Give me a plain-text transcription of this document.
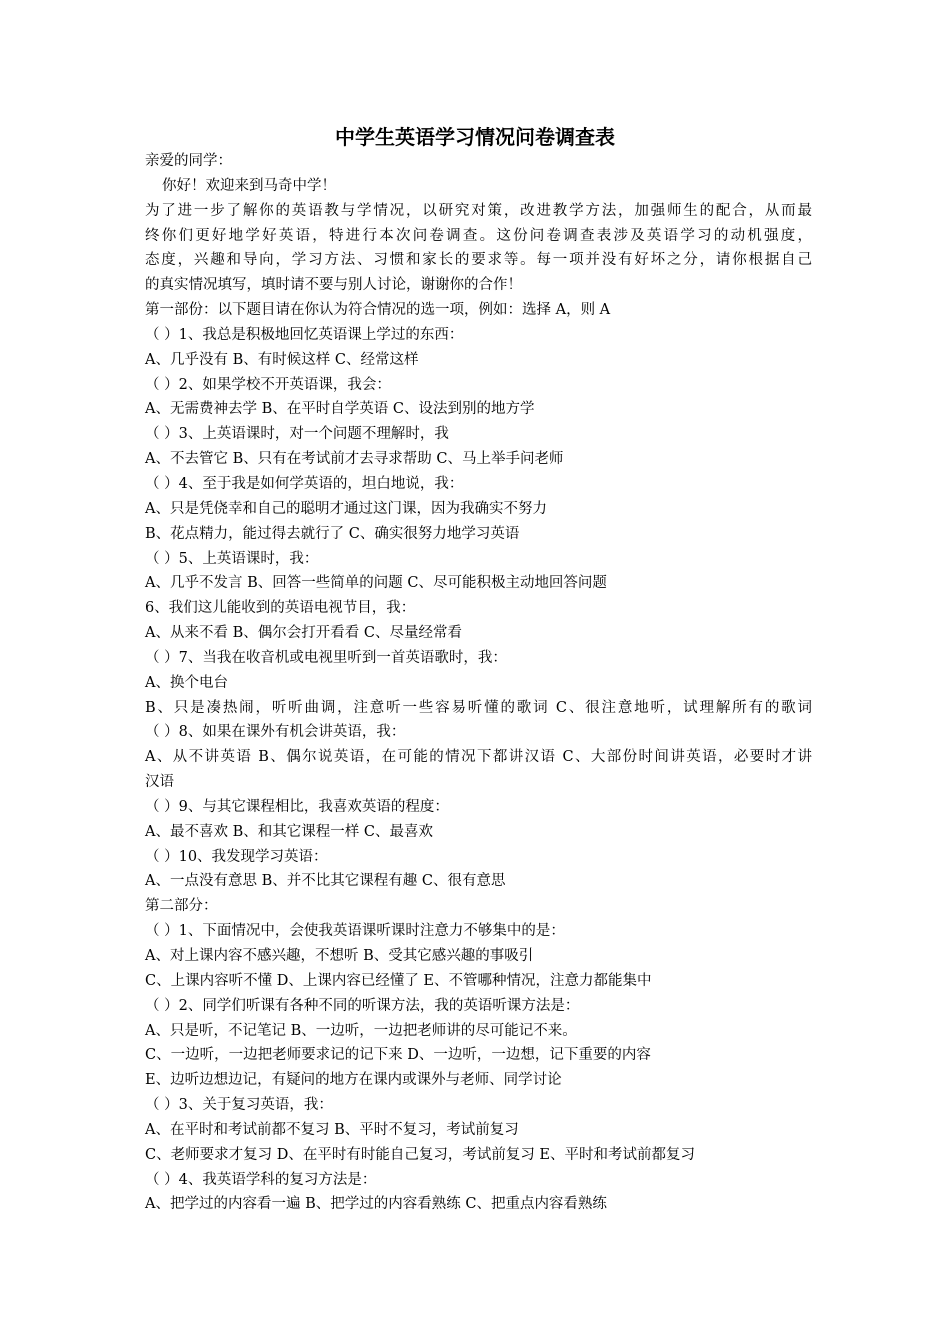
中学生英语学习情况问卷调查表
亲爱的同学：
你好！欢迎来到马奇中学！
为了进一步了解你的英语教与学情况，以研究对策，改进教学方法，加强师生的配合，从而最
终你们更好地学好英语，特进行本次问卷调查。这份问卷调查表涉及英语学习的动机强度，
态度，兴趣和导向，学习方法、习惯和家长的要求等。每一项并没有好坏之分，请你根据自己
的真实情况填写，填时请不要与别人讨论，谢谢你的合作！
第一部份：以下题目请在你认为符合情况的选一项，例如：选择 A，则 A
（ ）1、我总是积极地回忆英语课上学过的东西：
A、几乎没有 B、有时候这样 C、经常这样
（ ）2、如果学校不开英语课，我会：
A、无需费神去学 B、在平时自学英语 C、设法到别的地方学
（ ）3、上英语课时，对一个问题不理解时，我
A、不去管它 B、只有在考试前才去寻求帮助 C、马上举手问老师
（ ）4、至于我是如何学英语的，坦白地说，我：
A、只是凭侥幸和自己的聪明才通过这门课，因为我确实不努力
B、花点精力，能过得去就行了 C、确实很努力地学习英语
（ ）5、上英语课时，我：
A、几乎不发言 B、回答一些简单的问题 C、尽可能积极主动地回答问题
6、我们这儿能收到的英语电视节目，我：
A、从来不看 B、偶尔会打开看看 C、尽量经常看
（ ）7、当我在收音机或电视里听到一首英语歌时，我：
A、换个电台
B、只是凑热闹，听听曲调，注意听一些容易听懂的歌词 C、很注意地听，试理解所有的歌词
（ ）8、如果在课外有机会讲英语，我：
A、从不讲英语 B、偶尔说英语，在可能的情况下都讲汉语 C、大部份时间讲英语，必要时才讲
汉语
（ ）9、与其它课程相比，我喜欢英语的程度：
A、最不喜欢 B、和其它课程一样 C、最喜欢
（ ）10、我发现学习英语：
A、一点没有意思 B、并不比其它课程有趣 C、很有意思
第二部分：
（ ）1、下面情况中，会使我英语课听课时注意力不够集中的是：
A、对上课内容不感兴趣，不想听 B、受其它感兴趣的事吸引
C、上课内容听不懂 D、上课内容已经懂了 E、不管哪种情况，注意力都能集中
（ ）2、同学们听课有各种不同的听课方法，我的英语听课方法是：
A、只是听，不记笔记 B、一边听，一边把老师讲的尽可能记不来。
C、一边听，一边把老师要求记的记下来 D、一边听，一边想，记下重要的内容
E、边听边想边记，有疑问的地方在课内或课外与老师、同学讨论
（ ）3、关于复习英语，我：
A、在平时和考试前都不复习 B、平时不复习，考试前复习
C、老师要求才复习 D、在平时有时能自己复习，考试前复习 E、平时和考试前都复习
（ ）4、我英语学科的复习方法是：
A、把学过的内容看一遍 B、把学过的内容看熟练 C、把重点内容看熟练
